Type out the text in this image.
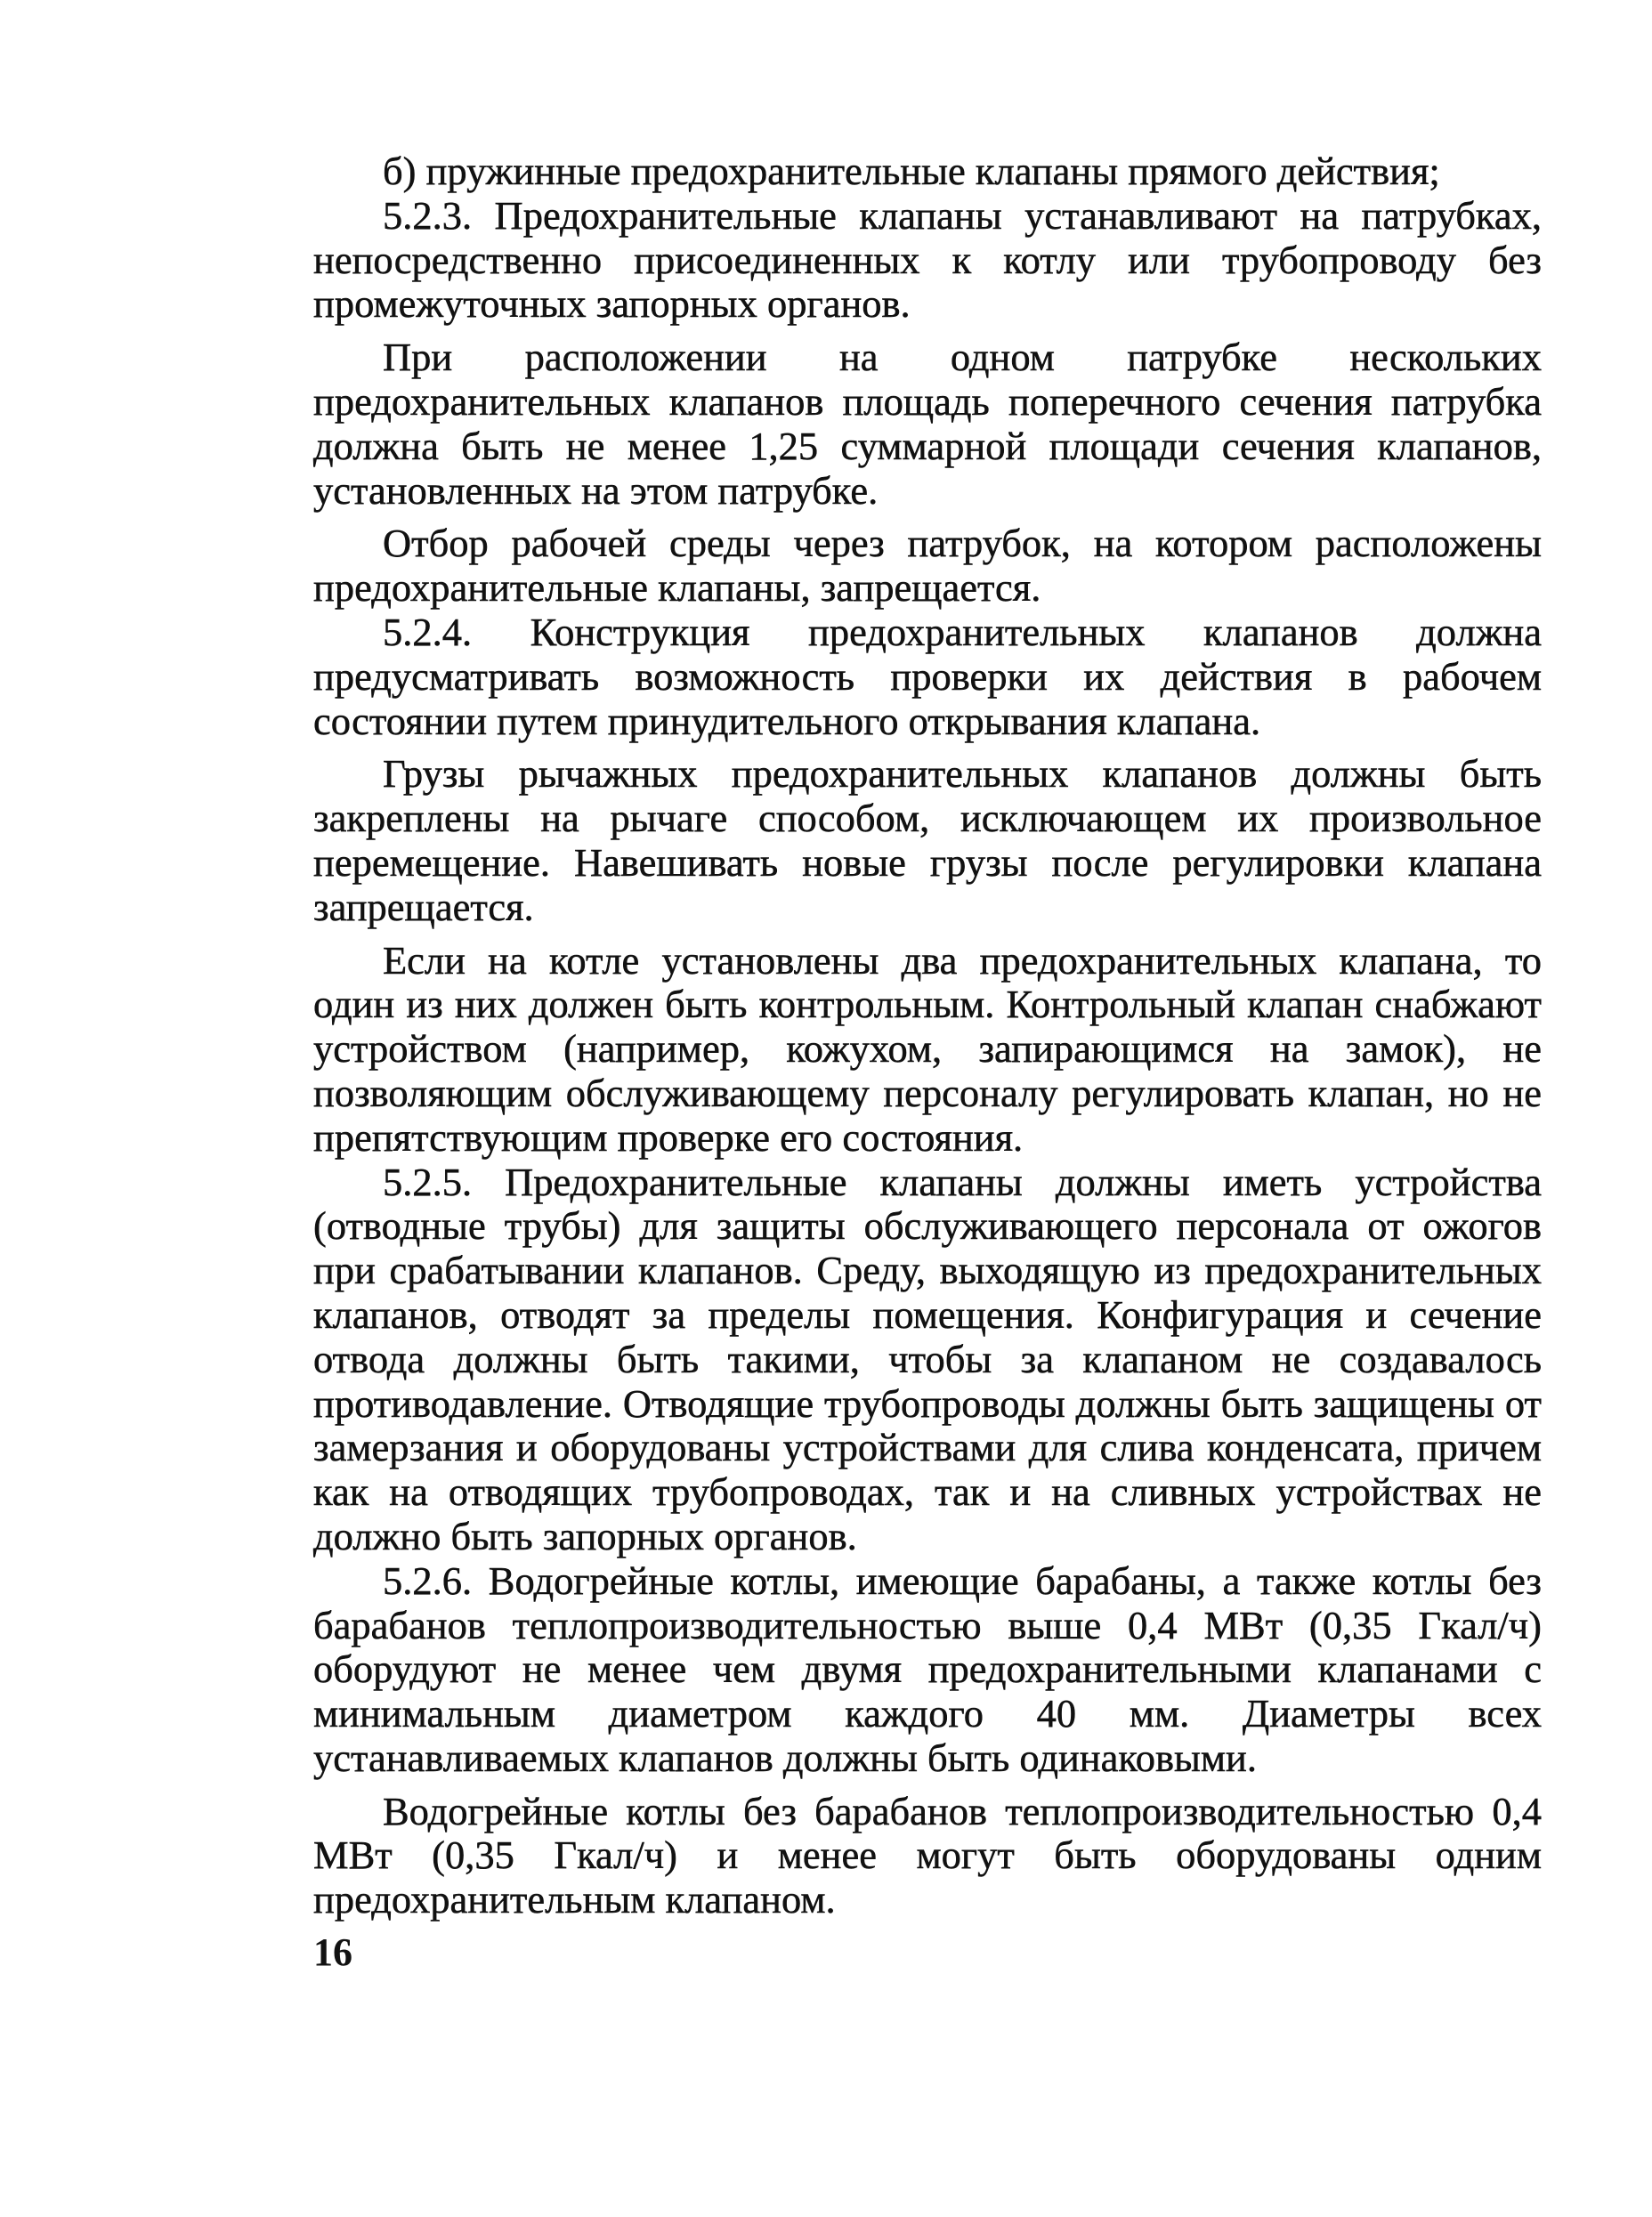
б) пружинные предохранительные клапаны прямого действия;

5.2.3. Предохранительные клапаны устанавливают на патрубках, непосредственно присоединенных к котлу или трубопроводу без промежуточных запорных органов.

При расположении на одном патрубке нескольких предохранительных клапанов площадь поперечного сечения патрубка должна быть не менее 1,25 суммарной площади сечения клапанов, установленных на этом патрубке.

Отбор рабочей среды через патрубок, на котором расположены предохранительные клапаны, запрещается.

5.2.4. Конструкция предохранительных клапанов должна предусматривать возможность проверки их действия в рабочем состоянии путем принудительного открывания клапана.

Грузы рычажных предохранительных клапанов должны быть закреплены на рычаге способом, исключающем их произвольное перемещение. Навешивать новые грузы после регулировки клапана запрещается.

Если на котле установлены два предохранительных клапана, то один из них должен быть контрольным. Контрольный клапан снабжают устройством (например, кожухом, запирающимся на замок), не позволяющим обслуживающему персоналу регулировать клапан, но не препятствующим проверке его состояния.

5.2.5. Предохранительные клапаны должны иметь устройства (отводные трубы) для защиты обслуживающего персонала от ожогов при срабатывании клапанов. Среду, выходящую из предохранительных клапанов, отводят за пределы помещения. Конфигурация и сечение отвода должны быть такими, чтобы за клапаном не создавалось противодавление. Отводящие трубопроводы должны быть защищены от замерзания и оборудованы устройствами для слива конденсата, причем как на отводящих трубопроводах, так и на сливных устройствах не должно быть запорных органов.

5.2.6. Водогрейные котлы, имеющие барабаны, а также котлы без барабанов теплопроизводительностью выше 0,4 МВт (0,35 Гкал/ч) оборудуют не менее чем двумя предохранительными клапанами с минимальным диаметром каждого 40 мм. Диаметры всех устанавливаемых клапанов должны быть одинаковыми.

Водогрейные котлы без барабанов теплопроизводительностью 0,4 МВт (0,35 Гкал/ч) и менее могут быть оборудованы одним предохранительным клапаном.

16
